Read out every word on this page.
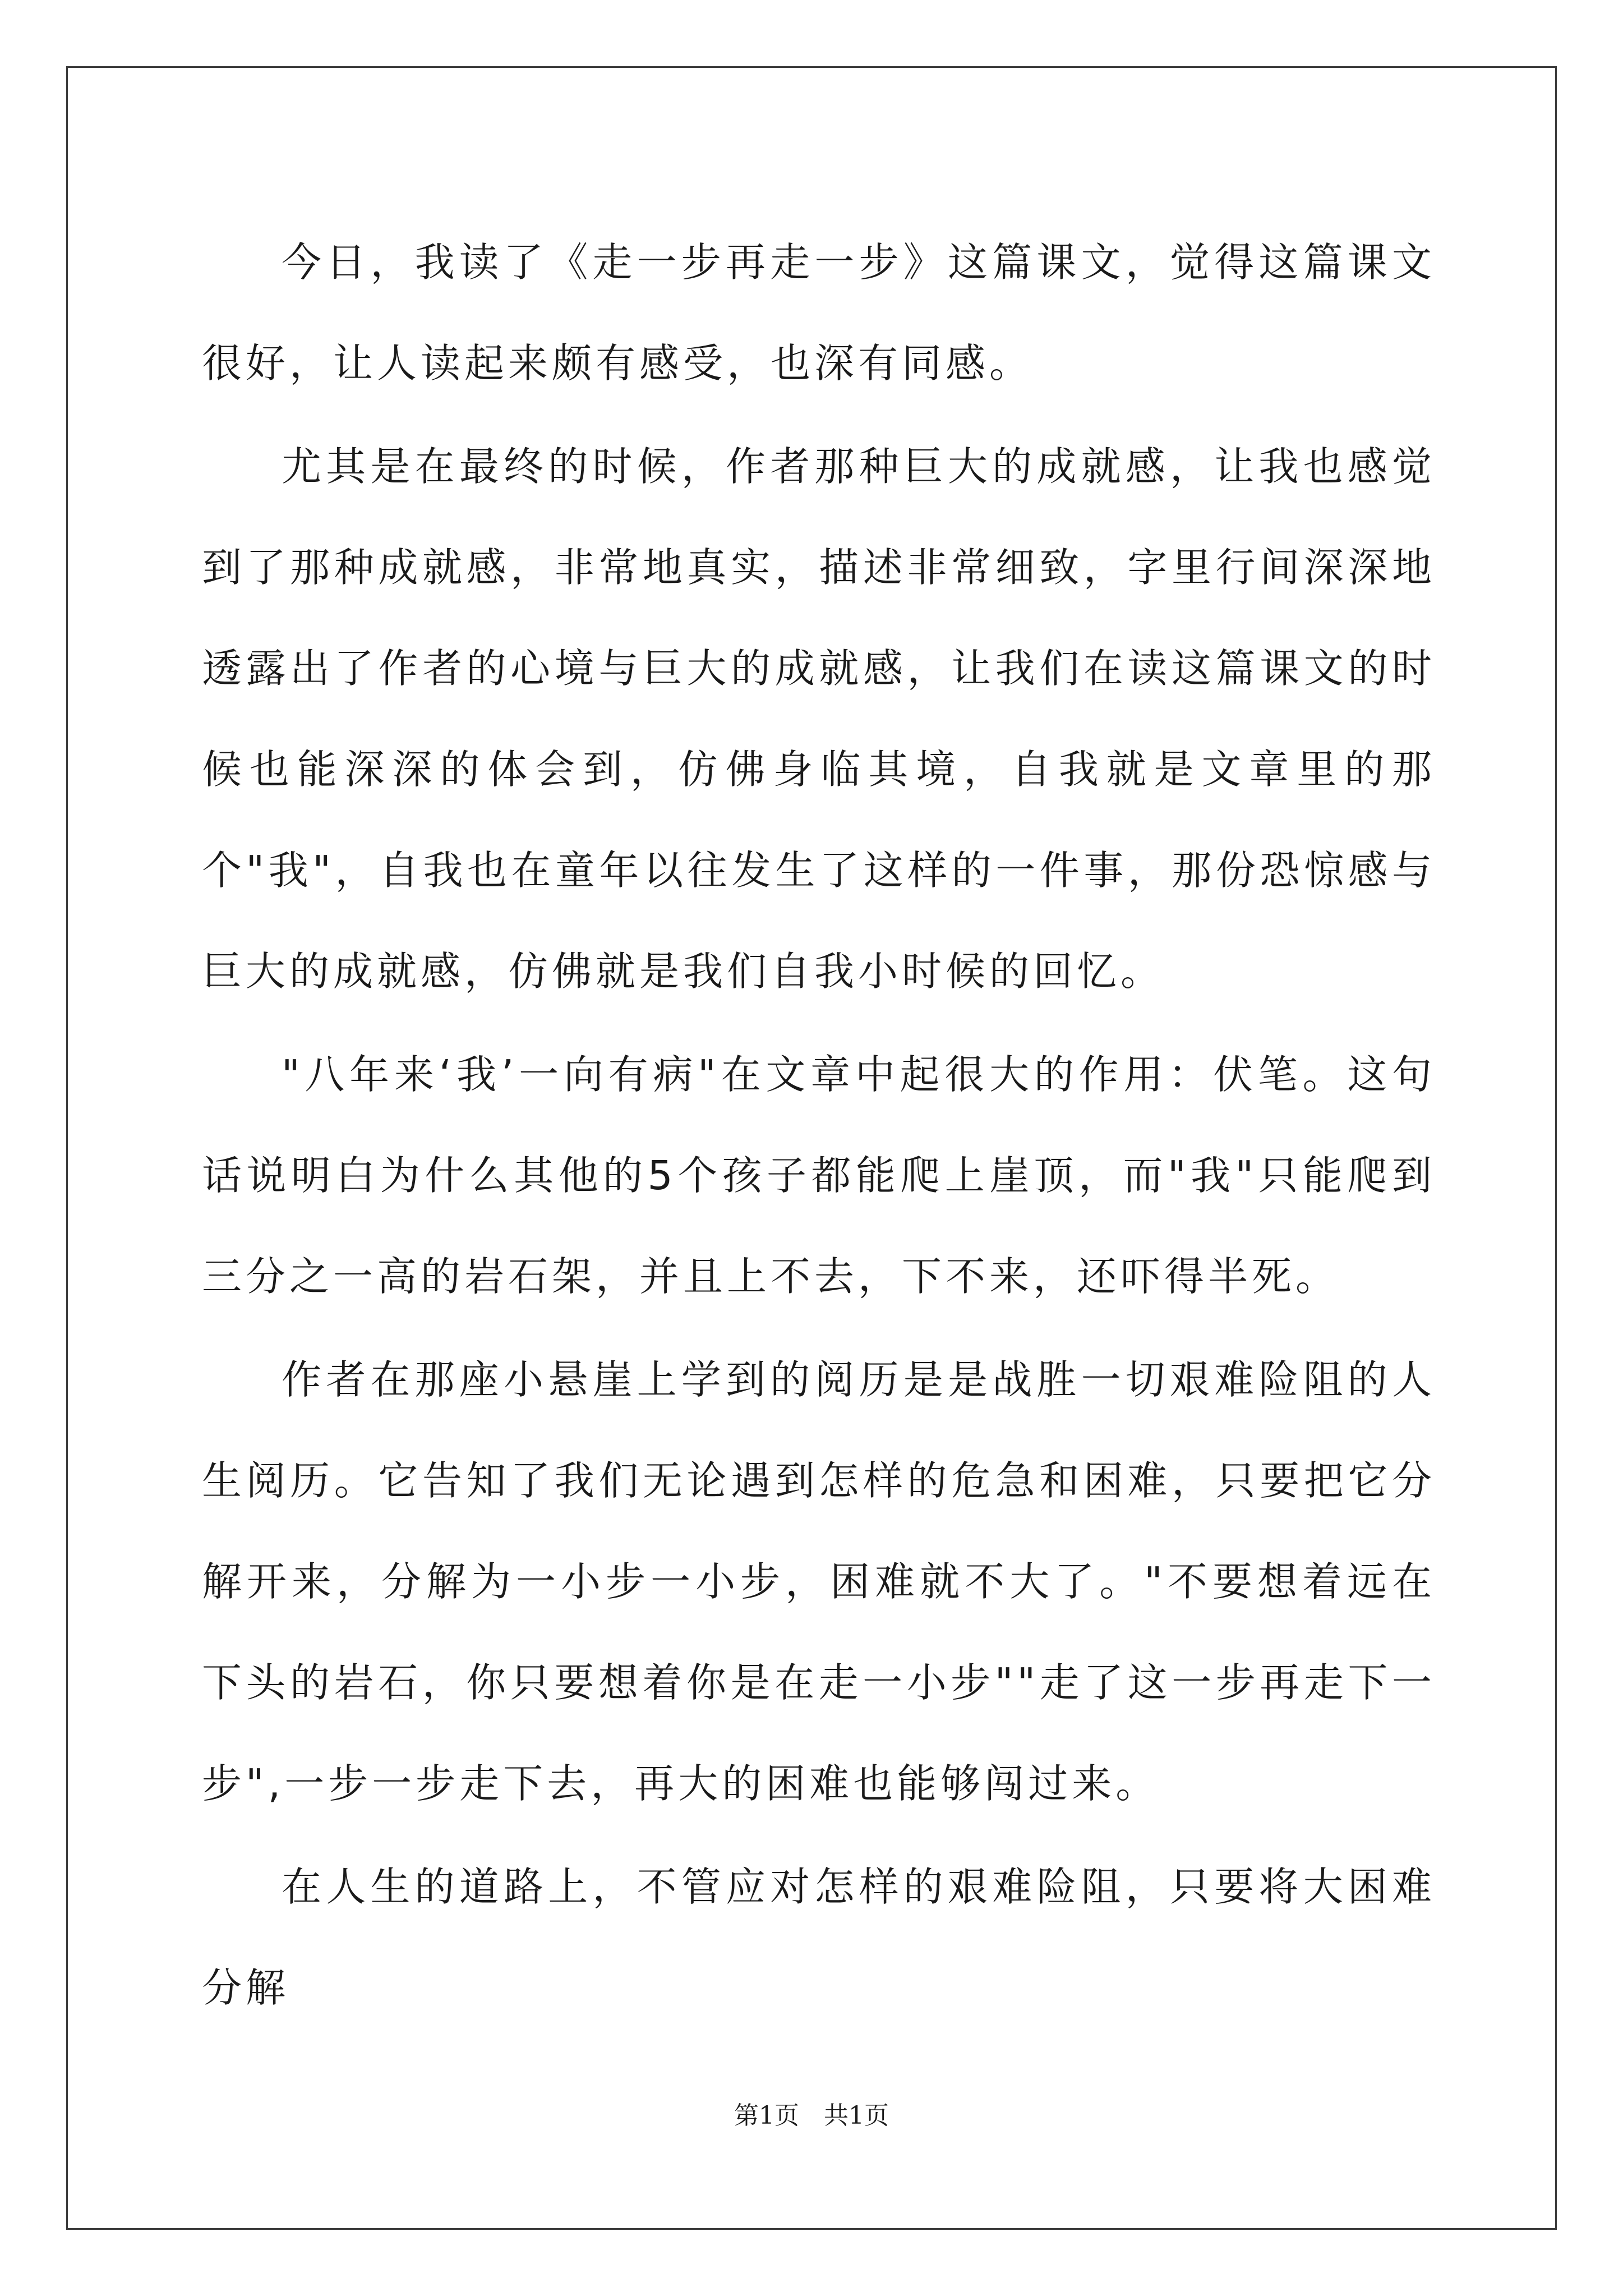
今日，我读了《走一步再走一步》这篇课文，觉得这篇课文很好，让人读起来颇有感受，也深有同感。

尤其是在最终的时候，作者那种巨大的成就感，让我也感觉到了那种成就感，非常地真实，描述非常细致，字里行间深深地透露出了作者的心境与巨大的成就感，让我们在读这篇课文的时候也能深深的体会到，仿佛身临其境，自我就是文章里的那个"我"，自我也在童年以往发生了这样的一件事，那份恐惊感与巨大的成就感，仿佛就是我们自我小时候的回忆。

"八年来‘我’一向有病"在文章中起很大的作用：伏笔。这句话说明白为什么其他的5个孩子都能爬上崖顶，而"我"只能爬到三分之一高的岩石架，并且上不去，下不来，还吓得半死。

作者在那座小悬崖上学到的阅历是是战胜一切艰难险阻的人生阅历。它告知了我们无论遇到怎样的危急和困难，只要把它分解开来，分解为一小步一小步，困难就不大了。"不要想着远在下头的岩石，你只要想着你是在走一小步""走了这一步再走下一步",一步一步走下去，再大的困难也能够闯过来。

在人生的道路上，不管应对怎样的艰难险阻，只要将大困难分解

第1页 共1页
